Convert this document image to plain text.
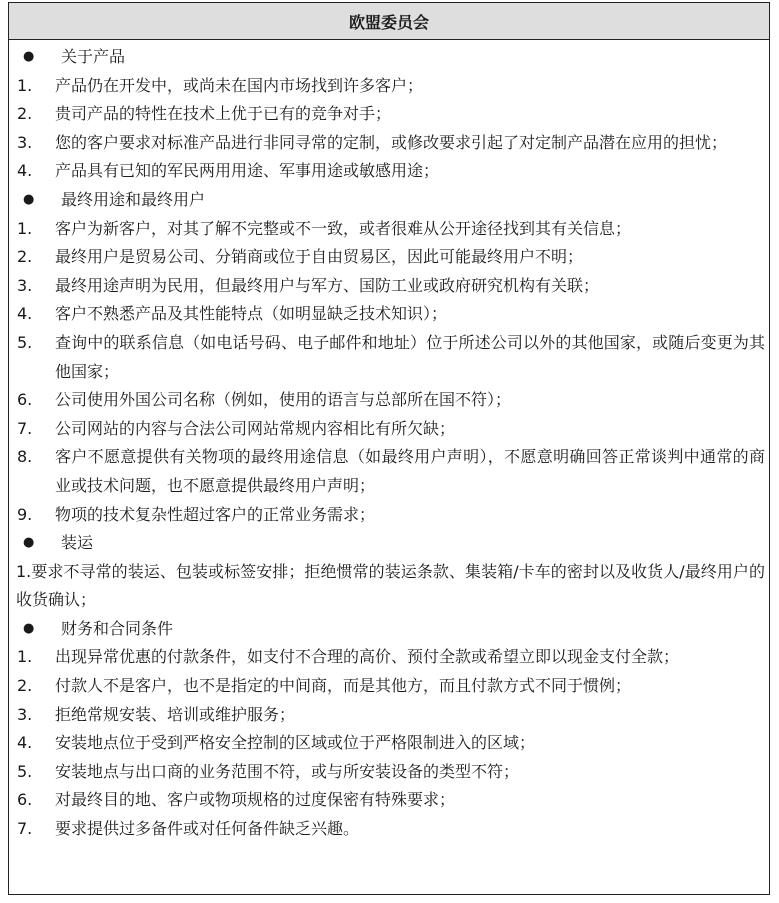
欧盟委员会
●	关于产品
1.	产品仍在开发中，或尚未在国内市场找到许多客户；
2.	贵司产品的特性在技术上优于已有的竞争对手；
3.	您的客户要求对标准产品进行非同寻常的定制，或修改要求引起了对定制产品潜在应用的担忧；
4.	产品具有已知的军民两用用途、军事用途或敏感用途；
●	最终用途和最终用户
1.	客户为新客户，对其了解不完整或不一致，或者很难从公开途径找到其有关信息；
2.	最终用户是贸易公司、分销商或位于自由贸易区，因此可能最终用户不明；
3.	最终用途声明为民用，但最终用户与军方、国防工业或政府研究机构有关联；
4.	客户不熟悉产品及其性能特点（如明显缺乏技术知识）；
5.	查询中的联系信息（如电话号码、电子邮件和地址）位于所述公司以外的其他国家，或随后变更为其他国家；
6.	公司使用外国公司名称（例如，使用的语言与总部所在国不符）；
7.	公司网站的内容与合法公司网站常规内容相比有所欠缺；
8.	客户不愿意提供有关物项的最终用途信息（如最终用户声明），不愿意明确回答正常谈判中通常的商业或技术问题，也不愿意提供最终用户声明；
9.	物项的技术复杂性超过客户的正常业务需求；
●	装运
1.要求不寻常的装运、包装或标签安排；拒绝惯常的装运条款、集装箱/卡车的密封以及收货人/最终用户的收货确认；
●	财务和合同条件
1.	出现异常优惠的付款条件，如支付不合理的高价、预付全款或希望立即以现金支付全款；
2.	付款人不是客户，也不是指定的中间商，而是其他方，而且付款方式不同于惯例；
3.	拒绝常规安装、培训或维护服务；
4.	安装地点位于受到严格安全控制的区域或位于严格限制进入的区域；
5.	安装地点与出口商的业务范围不符，或与所安装设备的类型不符；
6.	对最终目的地、客户或物项规格的过度保密有特殊要求；
7.	要求提供过多备件或对任何备件缺乏兴趣。
